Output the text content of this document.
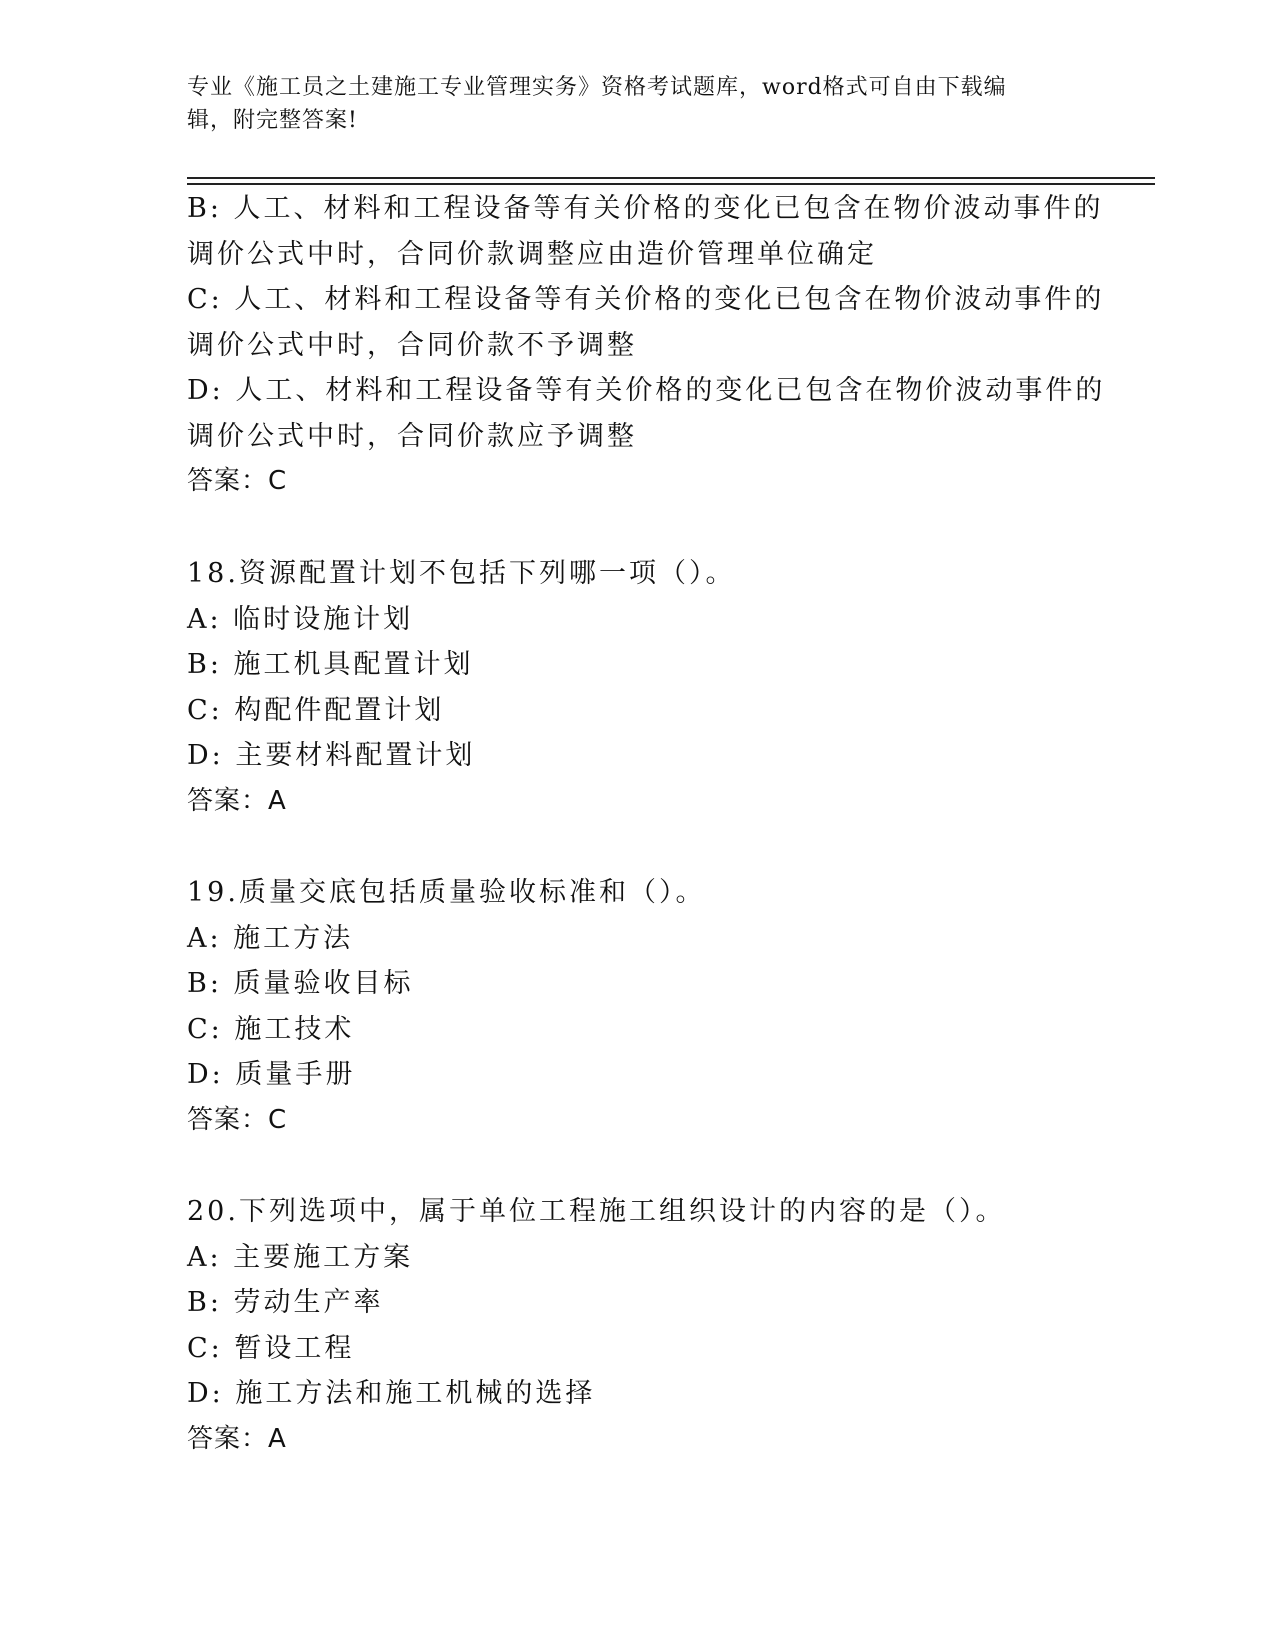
专业《施工员之土建施工专业管理实务》资格考试题库，word格式可自由下载编
辑，附完整答案!
B: 人工、材料和工程设备等有关价格的变化已包含在物价波动事件的
调价公式中时，合同价款调整应由造价管理单位确定
C: 人工、材料和工程设备等有关价格的变化已包含在物价波动事件的
调价公式中时，合同价款不予调整
D: 人工、材料和工程设备等有关价格的变化已包含在物价波动事件的
调价公式中时，合同价款应予调整
答案：C
18.资源配置计划不包括下列哪一项（）。
A: 临时设施计划
B: 施工机具配置计划
C: 构配件配置计划
D: 主要材料配置计划
答案：A
19.质量交底包括质量验收标准和（）。
A: 施工方法
B: 质量验收目标
C: 施工技术
D: 质量手册
答案：C
20.下列选项中，属于单位工程施工组织设计的内容的是（）。
A: 主要施工方案
B: 劳动生产率
C: 暂设工程
D: 施工方法和施工机械的选择
答案：A
